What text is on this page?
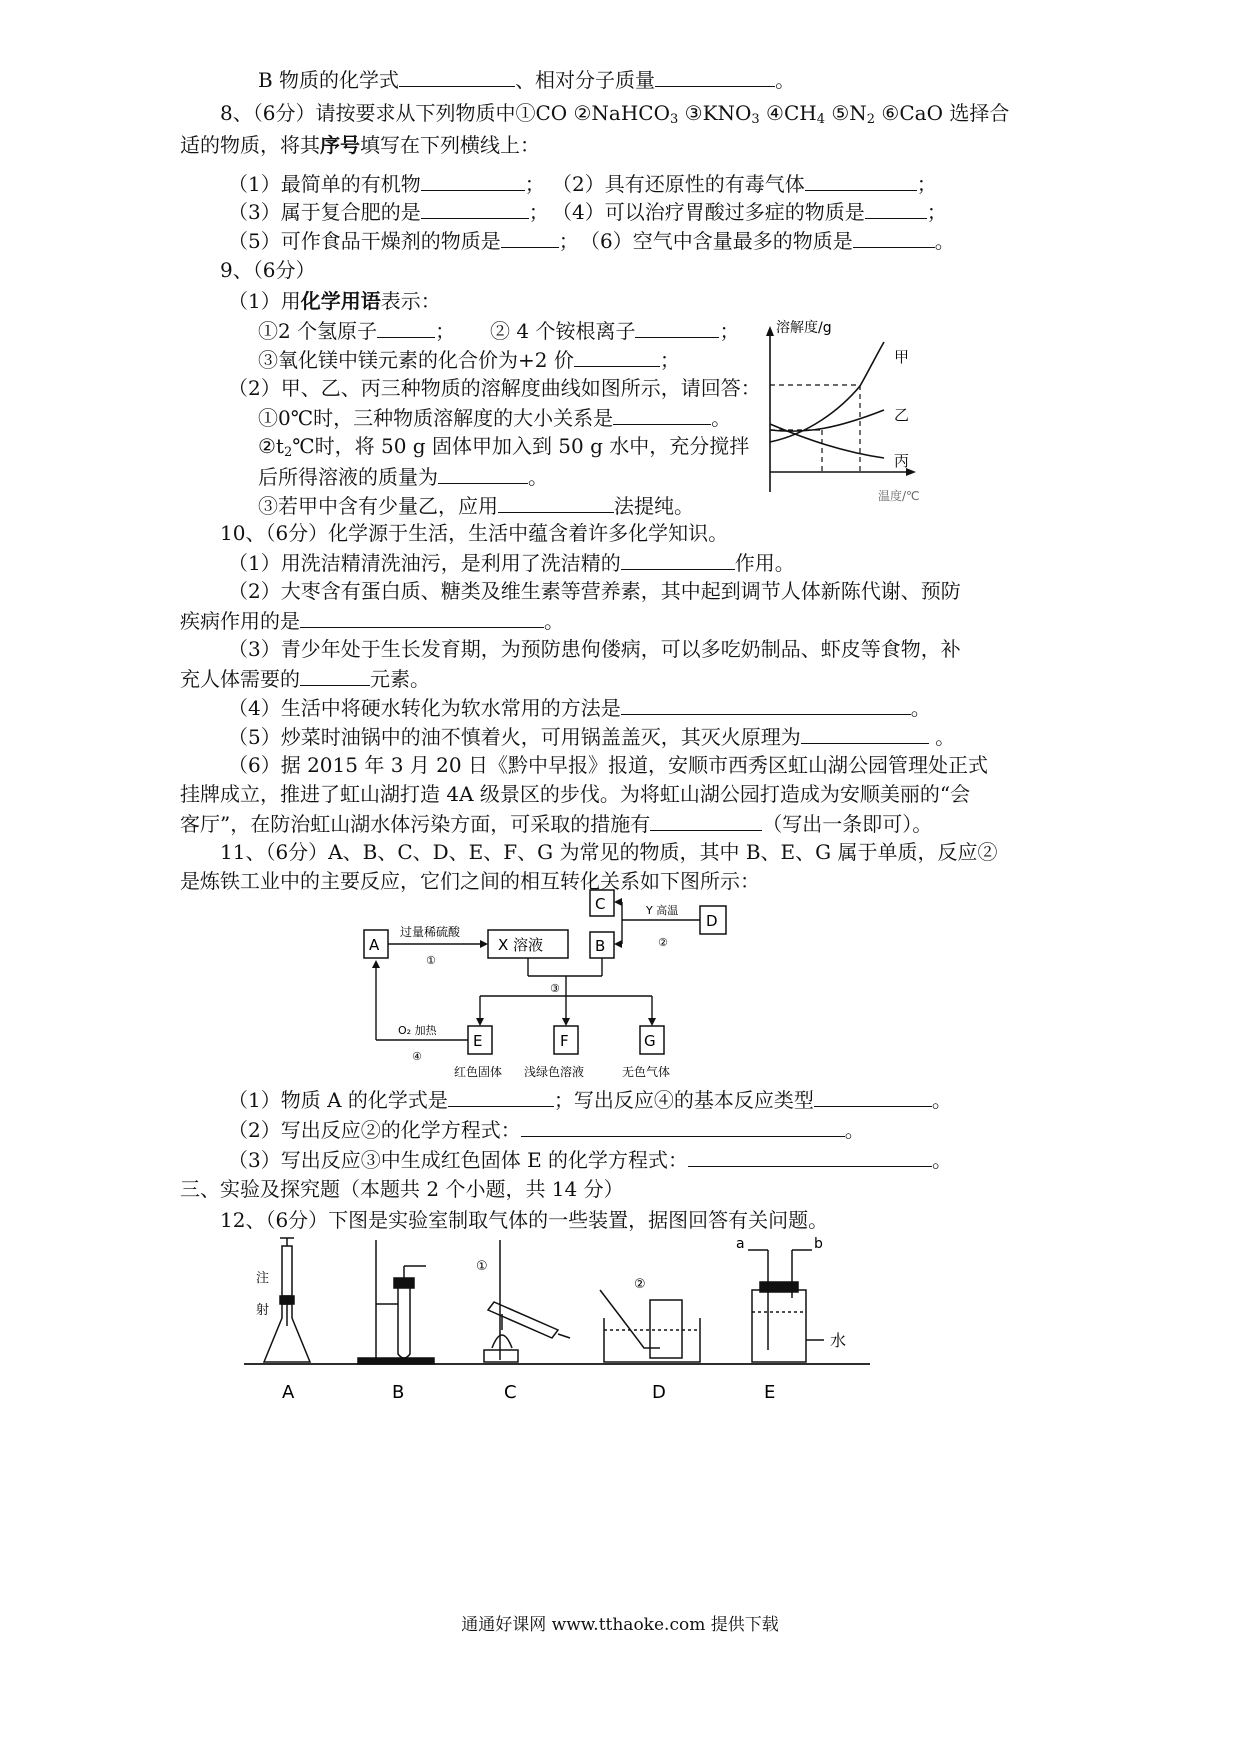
B 物质的化学式	、相对分子质量	。
8、（6分）请按要求从下列物质中①CO ②NaHCO$_3$ $③KNO_3$ $④CH_4$ $⑤N_2$ ⑥CaO 选择合
适的物质，将其序号填写在下列横线上：
（1）最简单的有机物	； （2）具有还原性的有毒气体	；
（3）属于复合肥的是	； （4）可以治疗胃酸过多症的物质是	；
（5）可作食品干燥剂的物质是	； （6）空气中含量最多的物质是	。
9、（6分）
（1）用化学用语表示：
①2 个氢原子	； ② 4 个铵根离子	；
③氧化镁中镁元素的化合价为+2 价	；
（2）甲、乙、丙三种物质的溶解度曲线如图所示，请回答：
①0℃时，三种物质溶解度的大小关系是	。
$②t_2℃$时，将 50 g 固体甲加入到 50 g 水中，充分搅拌
后所得溶液的质量为	。
③若甲中含有少量乙，应用	法提纯。
溶解度/g
甲
乙
丙
温度/℃
10、（6分）化学源于生活，生活中蕴含着许多化学知识。
（1）用洗洁精清洗油污，是利用了洗洁精的	作用。
（2）大枣含有蛋白质、糖类及维生素等营养素，其中起到调节人体新陈代谢、预防
疾病作用的是	。
（3）青少年处于生长发育期，为预防患佝偻病，可以多吃奶制品、虾皮等食物，补
充人体需要的	元素。
（4）生活中将硬水转化为软水常用的方法是	。
（5）炒菜时油锅中的油不慎着火，可用锅盖盖灭，其灭火原理为	。
（6）据 2015 年 3 月 20 日《黔中早报》报道，安顺市西秀区虹山湖公园管理处正式
挂牌成立，推进了虹山湖打造 4A 级景区的步伐。为将虹山湖公园打造成为安顺美丽的“会
客厅”，在防治虹山湖水体污染方面，可采取的措施有	（写出一条即可）。
11、（6分）A、B、C、D、E、F、G 为常见的物质，其中 B、E、G 属于单质，反应②
是炼铁工业中的主要反应，它们之间的相互转化关系如下图所示：
A	X 溶液	B
C
D
E	F	G
过量稀硫酸
①
Y 高温
②
③
O₂ 加热
④
红色固体 浅绿色溶液	无色气体
（1）物质 A 的化学式是	；写出反应④的基本反应类型	。
（2）写出反应②的化学方程式：	。
（3）写出反应③中生成红色固体 E 的化学方程式：	。
三、实验及探究题（本题共 2 个小题，共 14 分）
12、（6分）下图是实验室制取气体的一些装置，据图回答有关问题。
注
射
①
②
a	b
水
A	B	C	D	E
通通好课网 www.tthaoke.com 提供下载
